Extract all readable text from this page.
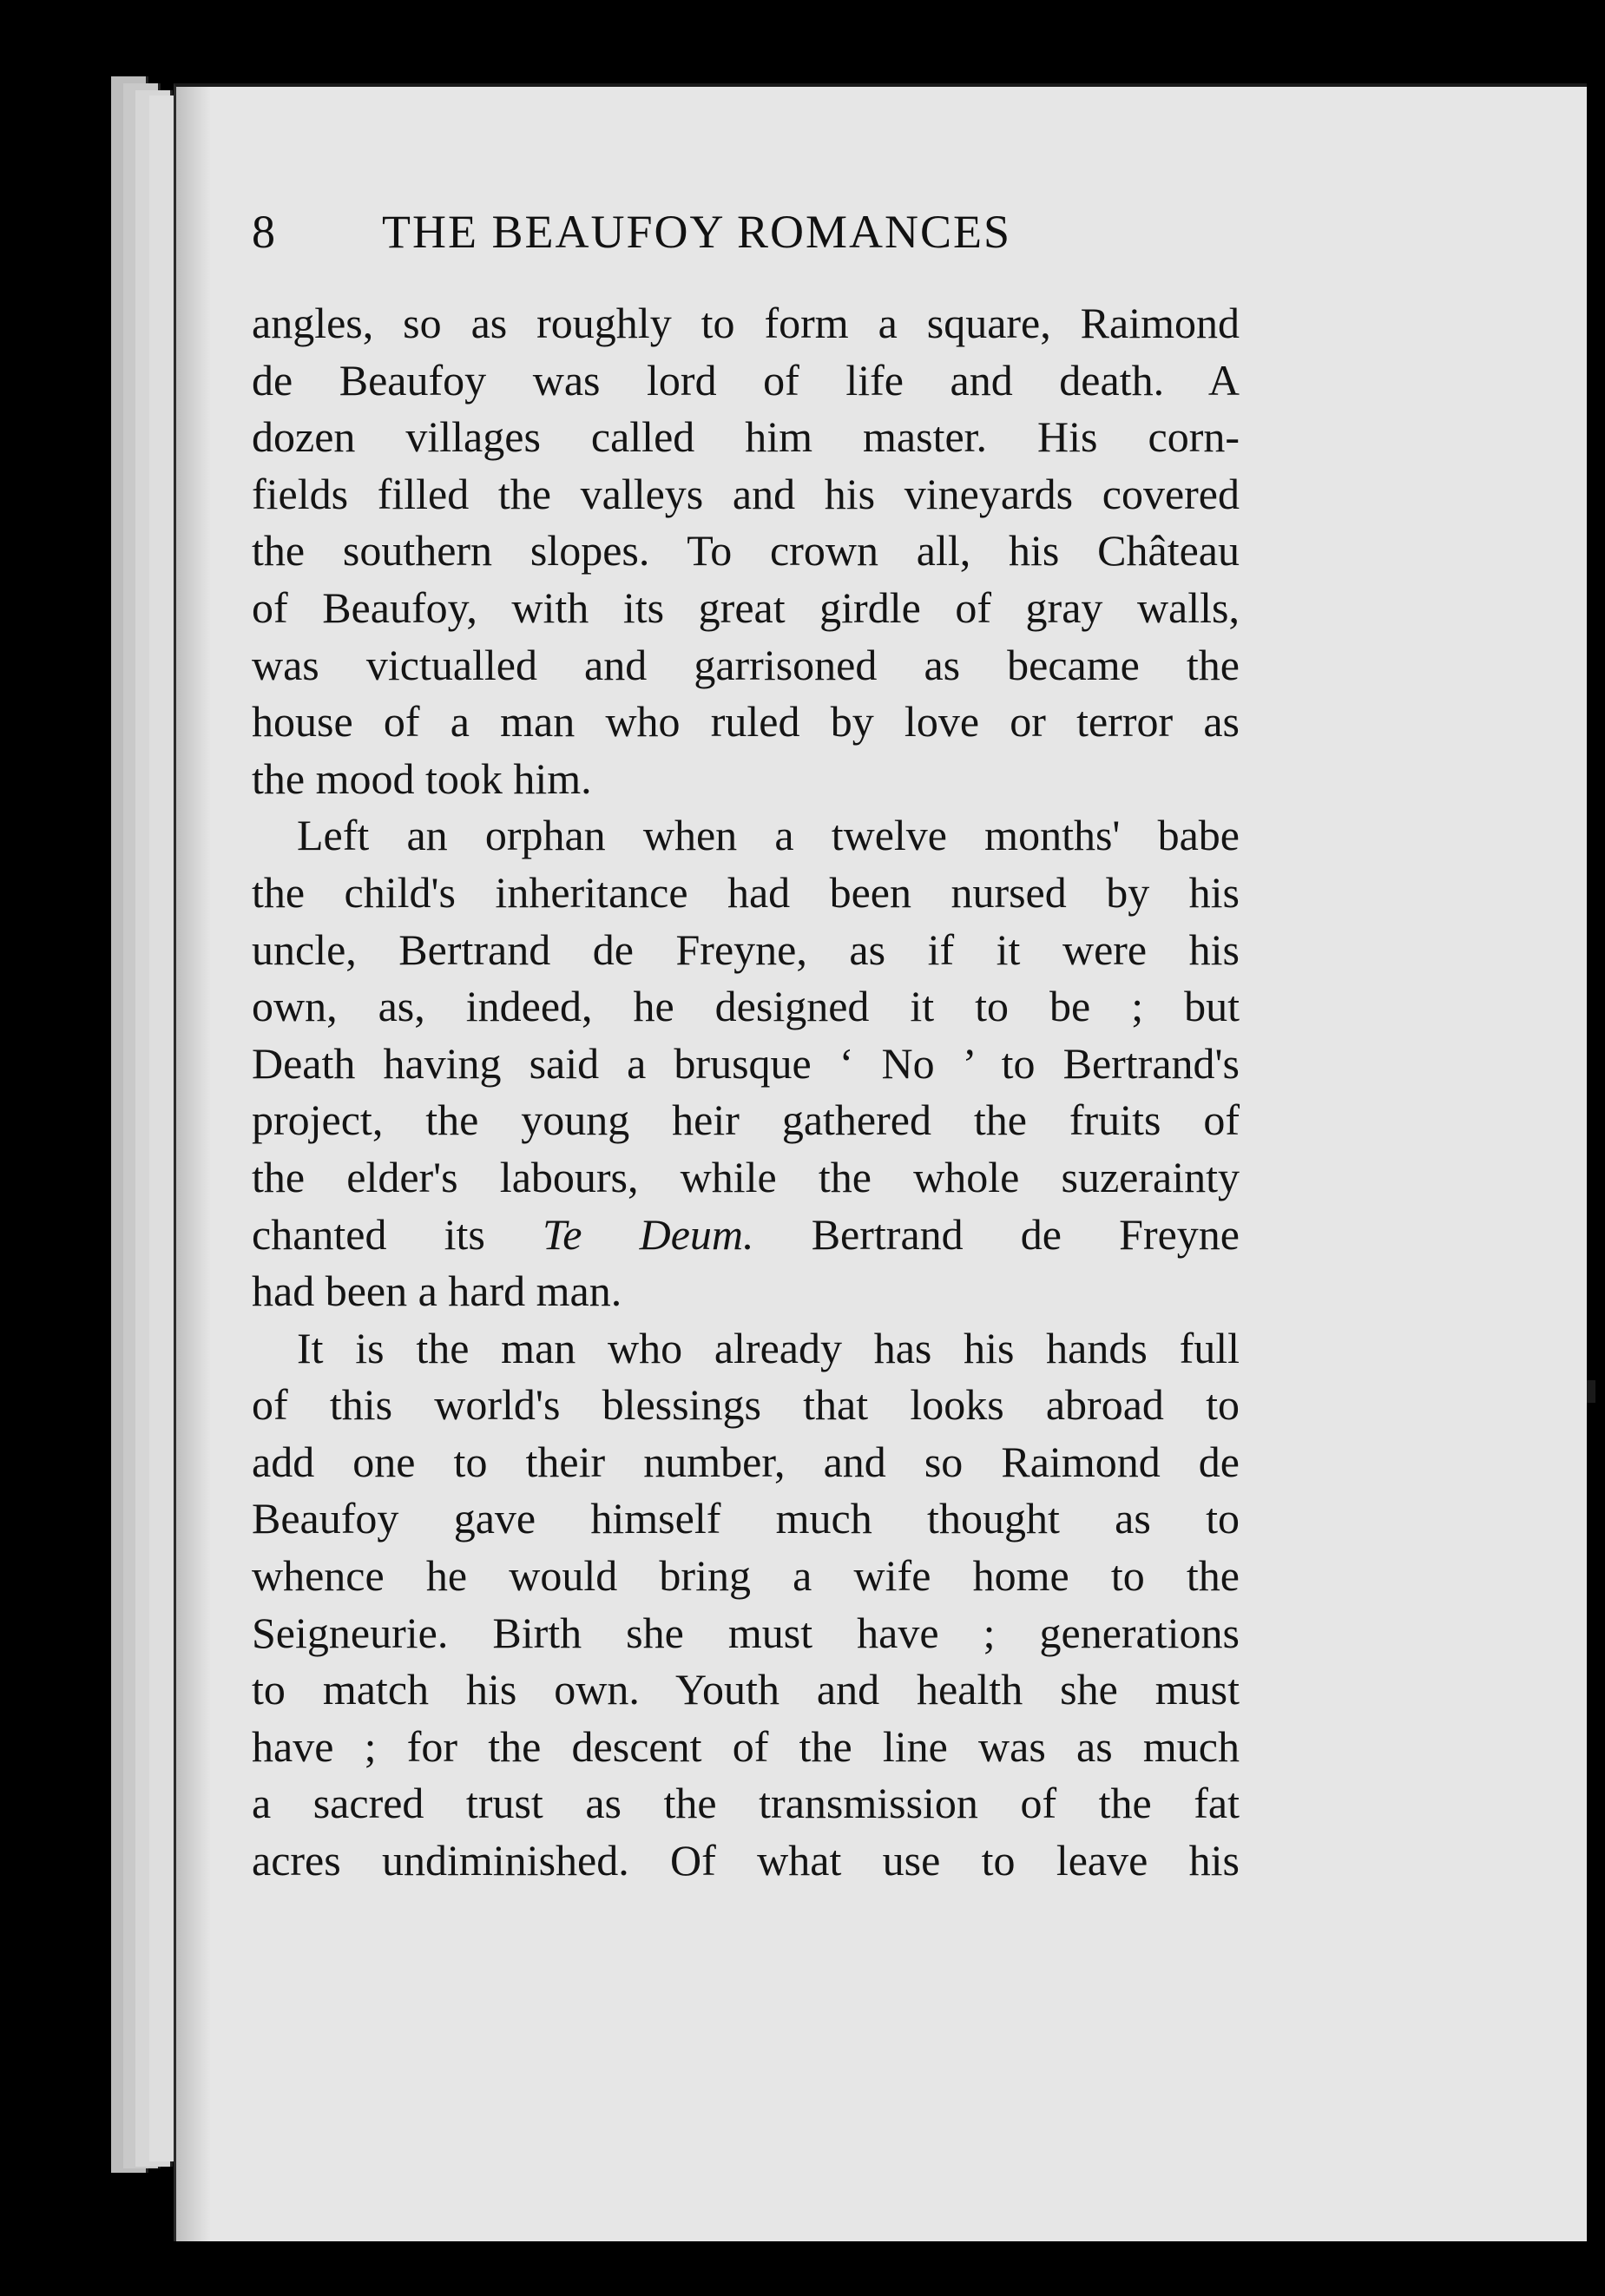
8 THE BEAUFOY ROMANCES
angles, so as roughly to form a square, Raimond
de Beaufoy was lord of life and death. A
dozen villages called him master. His corn-
fields filled the valleys and his vineyards covered
the southern slopes. To crown all, his Château
of Beaufoy, with its great girdle of gray walls,
was victualled and garrisoned as became the
house of a man who ruled by love or terror as
the mood took him.
Left an orphan when a twelve months' babe
the child's inheritance had been nursed by his
uncle, Bertrand de Freyne, as if it were his
own, as, indeed, he designed it to be ; but
Death having said a brusque ‘ No ’ to Bertrand's
project, the young heir gathered the fruits of
the elder's labours, while the whole suzerainty
chanted its Te Deum. Bertrand de Freyne
had been a hard man.
It is the man who already has his hands full
of this world's blessings that looks abroad to
add one to their number, and so Raimond de
Beaufoy gave himself much thought as to
whence he would bring a wife home to the
Seigneurie. Birth she must have ; generations
to match his own. Youth and health she must
have ; for the descent of the line was as much
a sacred trust as the transmission of the fat
acres undiminished. Of what use to leave his
